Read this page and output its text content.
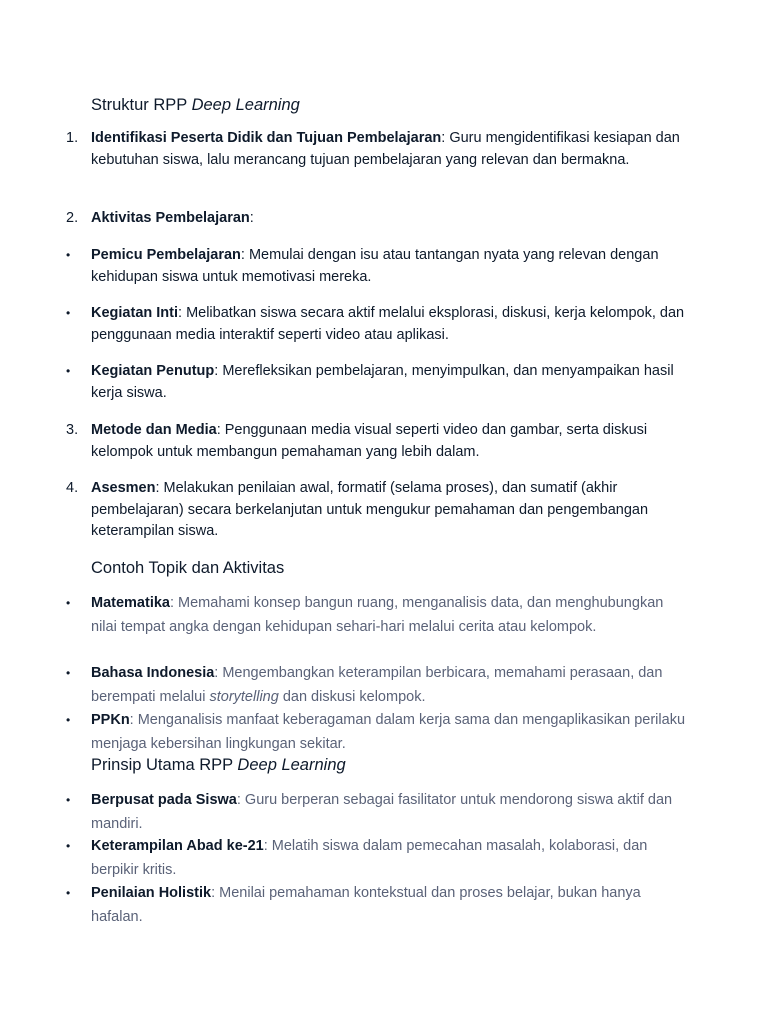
Struktur RPP Deep Learning
1. Identifikasi Peserta Didik dan Tujuan Pembelajaran: Guru mengidentifikasi kesiapan dan kebutuhan siswa, lalu merancang tujuan pembelajaran yang relevan dan bermakna.
2. Aktivitas Pembelajaran:
•	Pemicu Pembelajaran: Memulai dengan isu atau tantangan nyata yang relevan dengan kehidupan siswa untuk memotivasi mereka.
•	Kegiatan Inti: Melibatkan siswa secara aktif melalui eksplorasi, diskusi, kerja kelompok, dan penggunaan media interaktif seperti video atau aplikasi.
•	Kegiatan Penutup: Merefleksikan pembelajaran, menyimpulkan, dan menyampaikan hasil kerja siswa.
3. Metode dan Media: Penggunaan media visual seperti video dan gambar, serta diskusi kelompok untuk membangun pemahaman yang lebih dalam.
4. Asesmen: Melakukan penilaian awal, formatif (selama proses), dan sumatif (akhir pembelajaran) secara berkelanjutan untuk mengukur pemahaman dan pengembangan keterampilan siswa.
Contoh Topik dan Aktivitas
•	Matematika: Memahami konsep bangun ruang, menganalisis data, dan menghubungkan nilai tempat angka dengan kehidupan sehari-hari melalui cerita atau kelompok.
•	Bahasa Indonesia: Mengembangkan keterampilan berbicara, memahami perasaan, dan berempati melalui storytelling dan diskusi kelompok.
•	PPKn: Menganalisis manfaat keberagaman dalam kerja sama dan mengaplikasikan perilaku menjaga kebersihan lingkungan sekitar.
Prinsip Utama RPP Deep Learning
•	Berpusat pada Siswa: Guru berperan sebagai fasilitator untuk mendorong siswa aktif dan mandiri.
•	Keterampilan Abad ke-21: Melatih siswa dalam pemecahan masalah, kolaborasi, dan berpikir kritis.
•	Penilaian Holistik: Menilai pemahaman kontekstual dan proses belajar, bukan hanya hafalan.
